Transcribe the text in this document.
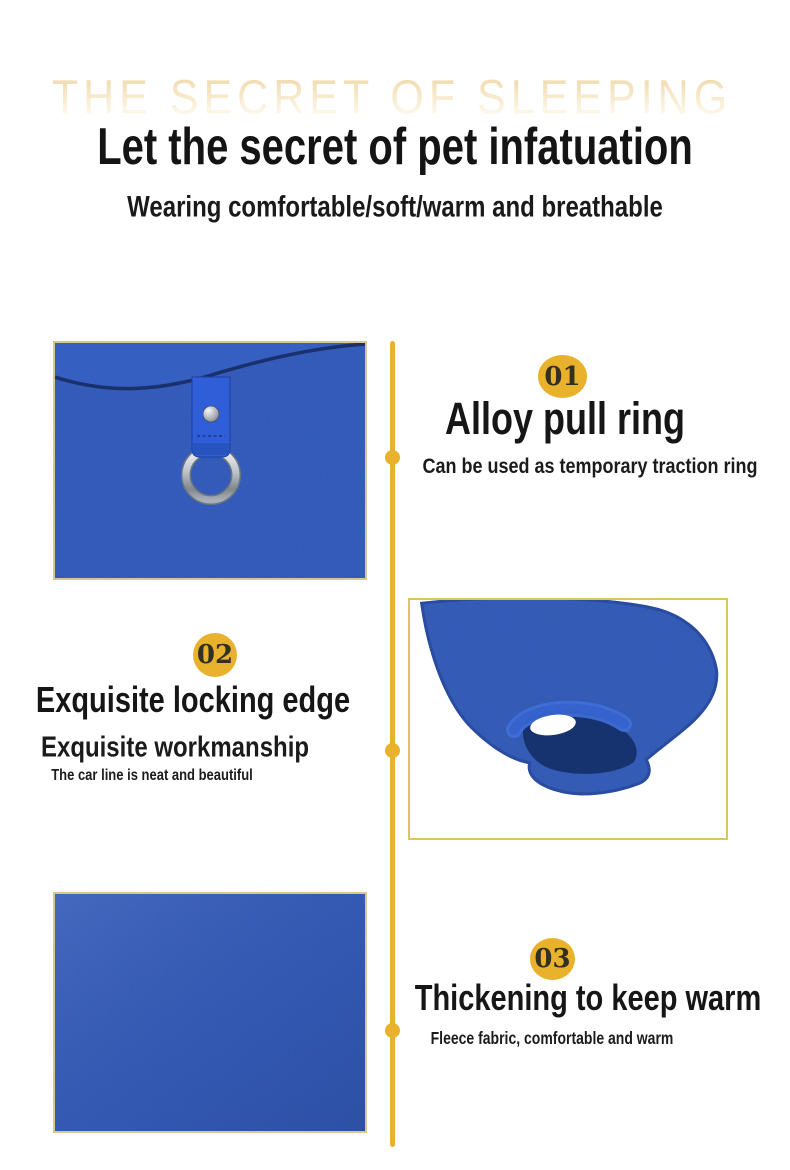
THE SECRET OF SLEEPING
Let the secret of pet infatuation
Wearing comfortable/soft/warm and breathable
01
Alloy pull ring
Can be used as temporary traction ring
02
Exquisite locking edge
Exquisite workmanship
The car line is neat and beautiful
03
Thickening to keep warm
Fleece fabric, comfortable and warm
